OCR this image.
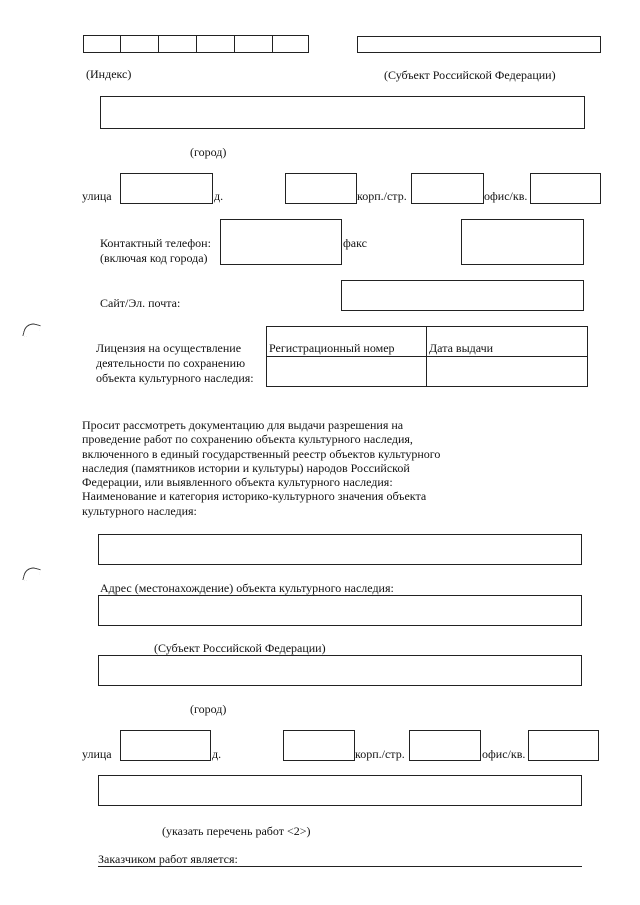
(Индекс)	(Субъект Российской Федерации)
(город)
улица	д.	корп./стр.	офис/кв.
Контактный телефон:
(включая код города)
факс
Сайт/Эл. почта:
Лицензия на осуществление
деятельности по сохранению
объекта культурного наследия:
Регистрационный номер	Дата выдачи
Просит рассмотреть документацию для выдачи разрешения на
проведение работ по сохранению объекта культурного наследия,
включенного в единый государственный реестр объектов культурного
наследия (памятников истории и культуры) народов Российской
Федерации, или выявленного объекта культурного наследия:
Наименование и категория историко-культурного значения объекта
культурного наследия:
Адрес (местонахождение) объекта культурного наследия:
(Субъект Российской Федерации)
(город)
улица	д.	корп./стр.	офис/кв.
(указать перечень работ <2>)
Заказчиком работ является:
